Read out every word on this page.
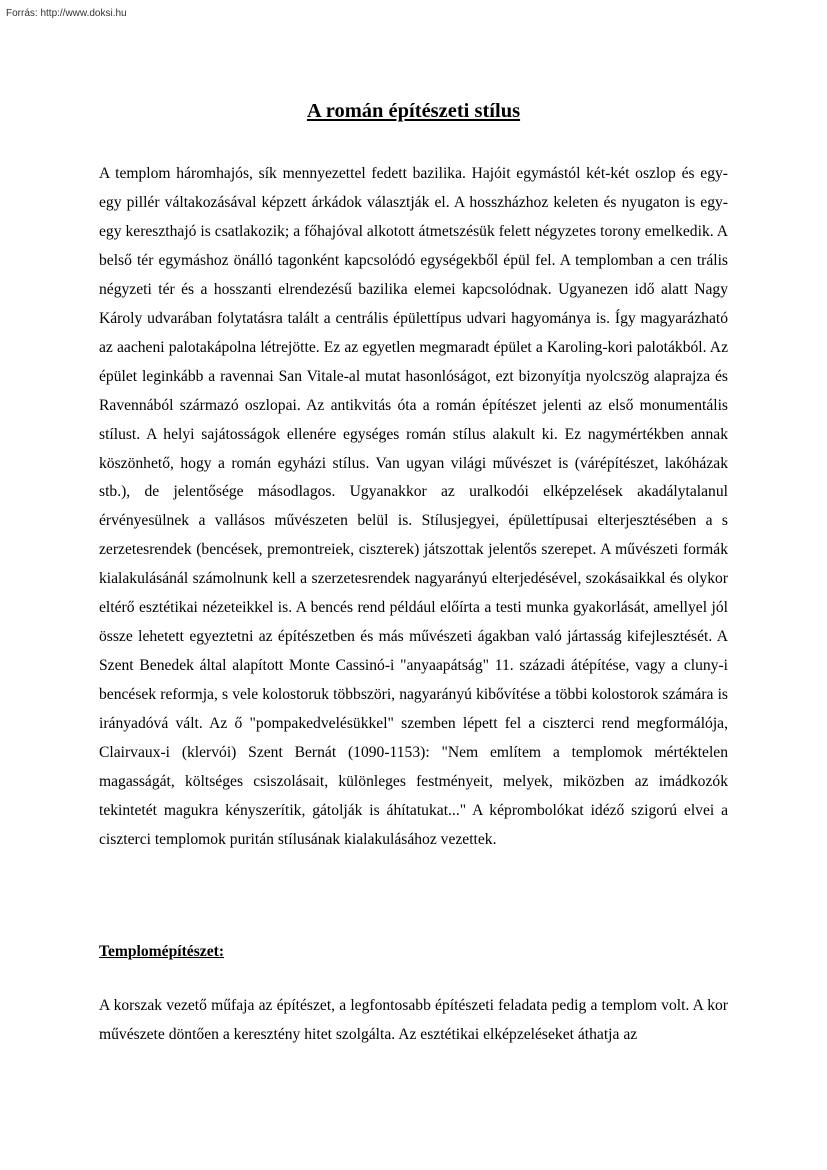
Forrás: http://www.doksi.hu
A román építészeti stílus

A templom háromhajós, sík mennyezettel fedett bazilika. Hajóit egymástól két-két oszlop és egy-egy pillér váltakozásával képzett árkádok választják el. A hosszházhoz keleten és nyugaton is egy-egy kereszthajó is csatlakozik; a főhajóval alkotott átmetszésük felett négyzetes torony emelkedik. A belső tér egymáshoz önálló tagonként kapcsolódó egységekből épül fel. A templomban a cen trális négyzeti tér és a hosszanti elrendezésű bazilika elemei kapcsolódnak. Ugyanezen idő alatt Nagy Károly udvarában folytatásra talált a centrális épülettípus udvari hagyománya is. Így magyarázható az aacheni palotakápolna létrejötte. Ez az egyetlen megmaradt épület a Karoling-kori palotákból. Az épület leginkább a ravennai San Vitale-al mutat hasonlóságot, ezt bizonyítja nyolcszög alaprajza és Ravennából származó oszlopai. Az antikvitás óta a román építészet jelenti az első monumentális stílust. A helyi sajátosságok ellenére egységes román stílus alakult ki. Ez nagymértékben annak köszönhető, hogy a román egyházi stílus. Van ugyan világi művészet is (várépítészet, lakóházak stb.), de jelentősége másodlagos. Ugyanakkor az uralkodói elképzelések akadálytalanul érvényesülnek a vallásos művészeten belül is. Stílusjegyei, épülettípusai elterjesztésében a s zerzetesrendek (bencések, premontreiek, ciszterek) játszottak jelentős szerepet. A művészeti formák kialakulásánál számolnunk kell a szerzetesrendek nagyarányú elterjedésével, szokásaikkal és olykor eltérő esztétikai nézeteikkel is. A bencés rend például előírta a testi munka gyakorlását, amellyel jól össze lehetett egyeztetni az építészetben és más művészeti ágakban való jártasság kifejlesztését. A Szent Benedek által alapított Monte Cassinó-i "anyaapátság" 11. századi átépítése, vagy a cluny-i bencések reformja, s vele kolostoruk többszöri, nagyarányú kibővítése a többi kolostorok számára is irányadóvá vált. Az ő "pompakedvelésükkel" szemben lépett fel a ciszterci rend megformálója, Clairvaux-i (klervói) Szent Bernát (1090-1153): "Nem említem a templomok mértéktelen magasságát, költséges csiszolásait, különleges festményeit, melyek, miközben az imádkozók tekintetét magukra kényszerítik, gátolják is áhítatukat..." A képrombolókat idéző szigorú elvei a ciszterci templomok puritán stílusának kialakulásához vezettek.

Templomépítészet:

A korszak vezető műfaja az építészet, a legfontosabb építészeti feladata pedig a templom volt. A kor művészete döntően a keresztény hitet szolgálta. Az esztétikai elképzeléseket áthatja az
